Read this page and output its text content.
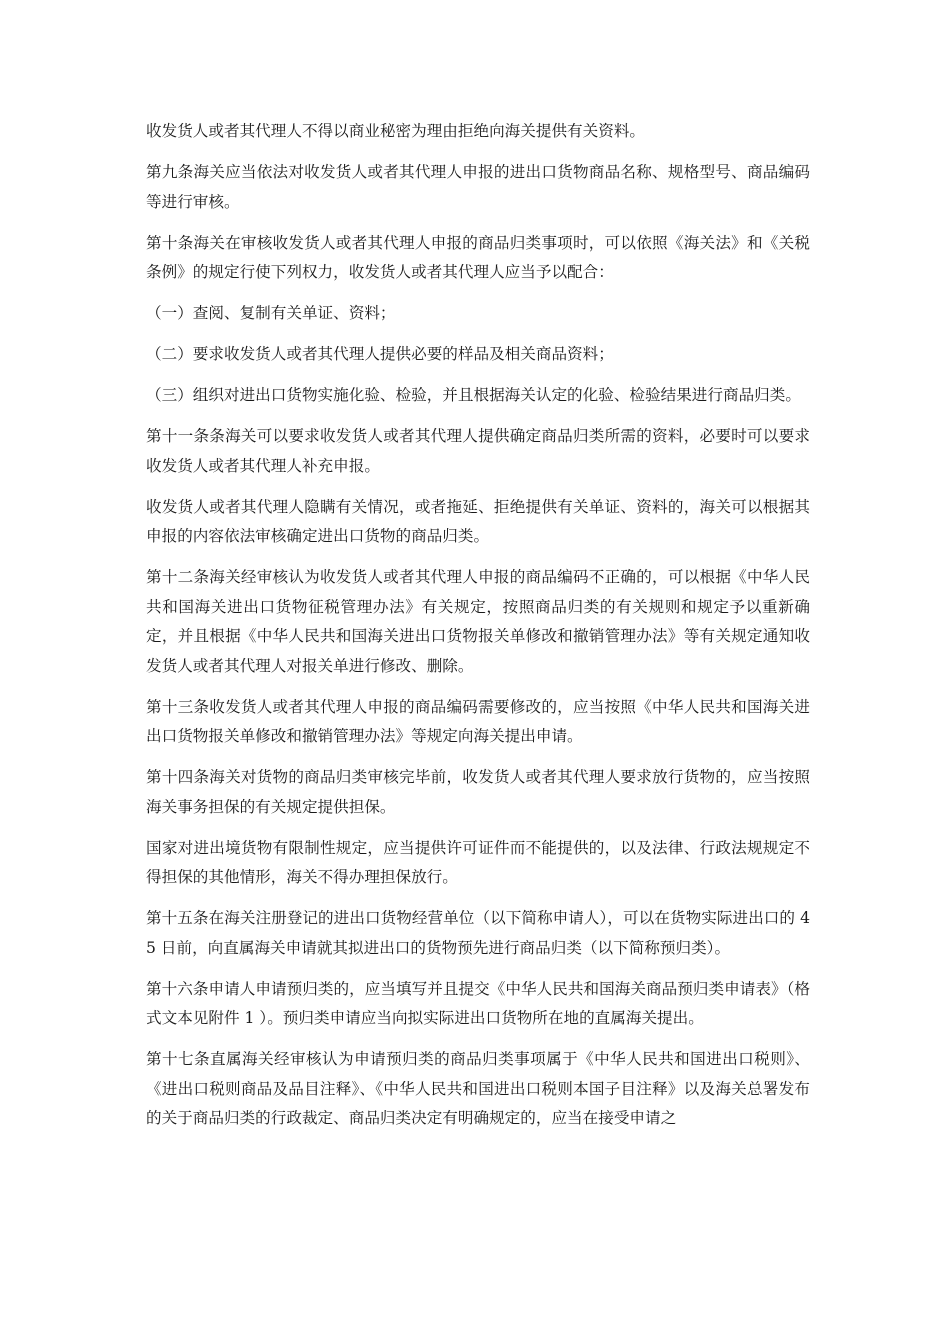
收发货人或者其代理人不得以商业秘密为理由拒绝向海关提供有关资料。

第九条海关应当依法对收发货人或者其代理人申报的进出口货物商品名称、规格型号、商品编码等进行审核。

第十条海关在审核收发货人或者其代理人申报的商品归类事项时，可以依照《海关法》和《关税条例》的规定行使下列权力，收发货人或者其代理人应当予以配合：

（一）查阅、复制有关单证、资料；

（二）要求收发货人或者其代理人提供必要的样品及相关商品资料；

（三）组织对进出口货物实施化验、检验，并且根据海关认定的化验、检验结果进行商品归类。

第十一条条海关可以要求收发货人或者其代理人提供确定商品归类所需的资料，必要时可以要求收发货人或者其代理人补充申报。

收发货人或者其代理人隐瞒有关情况，或者拖延、拒绝提供有关单证、资料的，海关可以根据其申报的内容依法审核确定进出口货物的商品归类。

第十二条海关经审核认为收发货人或者其代理人申报的商品编码不正确的，可以根据《中华人民共和国海关进出口货物征税管理办法》有关规定，按照商品归类的有关规则和规定予以重新确定，并且根据《中华人民共和国海关进出口货物报关单修改和撤销管理办法》等有关规定通知收发货人或者其代理人对报关单进行修改、删除。

第十三条收发货人或者其代理人申报的商品编码需要修改的，应当按照《中华人民共和国海关进出口货物报关单修改和撤销管理办法》等规定向海关提出申请。

第十四条海关对货物的商品归类审核完毕前，收发货人或者其代理人要求放行货物的，应当按照海关事务担保的有关规定提供担保。

国家对进出境货物有限制性规定，应当提供许可证件而不能提供的，以及法律、行政法规规定不得担保的其他情形，海关不得办理担保放行。

第十五条在海关注册登记的进出口货物经营单位（以下简称申请人），可以在货物实际进出口的 45 日前，向直属海关申请就其拟进出口的货物预先进行商品归类（以下简称预归类）。

第十六条申请人申请预归类的，应当填写并且提交《中华人民共和国海关商品预归类申请表》（格式文本见附件 1 ）。预归类申请应当向拟实际进出口货物所在地的直属海关提出。

第十七条直属海关经审核认为申请预归类的商品归类事项属于《中华人民共和国进出口税则》、《进出口税则商品及品目注释》、《中华人民共和国进出口税则本国子目注释》以及海关总署发布的关于商品归类的行政裁定、商品归类决定有明确规定的，应当在接受申请之
